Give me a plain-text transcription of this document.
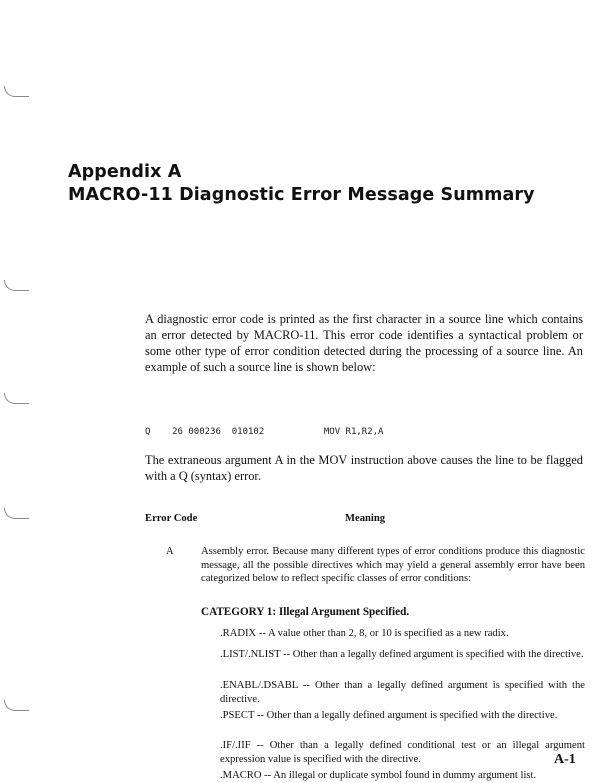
Appendix A
MACRO-11 Diagnostic Error Message Summary
A diagnostic error code is printed as the first character in a source line which contains an error detected by MACRO-11. This error code identifies a syntactical problem or some other type of error condition detected during the processing of a source line. An example of such a source line is shown below:
Q 26 000236 010102	MOV R1,R2,A
The extraneous argument A in the MOV instruction above causes the line to be flagged with a Q (syntax) error.
Error Code	Meaning
A	Assembly error. Because many different types of error conditions produce this diagnostic message, all the possible directives which may yield a general assembly error have been categorized below to reflect specific classes of error conditions:
CATEGORY 1: Illegal Argument Specified.
.RADIX -- A value other than 2, 8, or 10 is specified as a new radix.
.LIST/.NLIST -- Other than a legally defined argument is specified with the directive.
.ENABL/.DSABL -- Other than a legally defined argument is specified with the directive.
.PSECT -- Other than a legally defined argument is specified with the directive.
.IF/.IIF -- Other than a legally defined conditional test or an illegal argument expression value is specified with the directive.
.MACRO -- An illegal or duplicate symbol found in dummy argument list.
A-1
